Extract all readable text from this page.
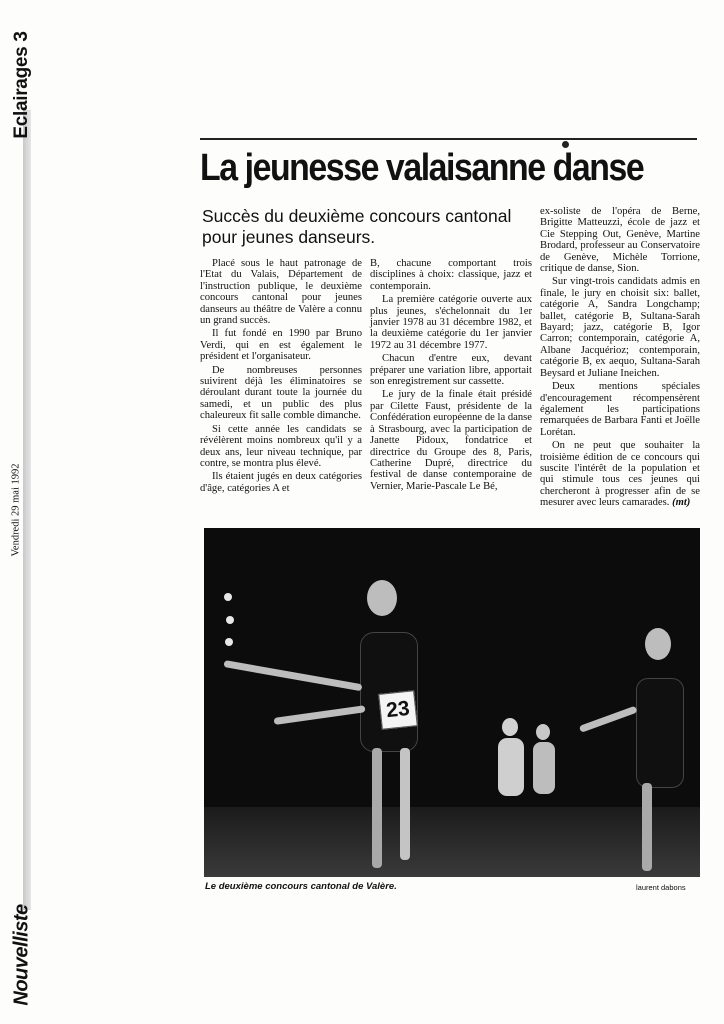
Eclairages 3
Vendredi 29 mai 1992
Nouvelliste
La jeunesse valaisanne danse

Succès du deuxième concours cantonal pour jeunes danseurs.

Placé sous le haut patronage de l'Etat du Valais, Département de l'instruction publique, le deuxième concours cantonal pour jeunes danseurs au théâtre de Valère a connu un grand succès.

Il fut fondé en 1990 par Bruno Verdi, qui en est également le président et l'organisateur.

De nombreuses personnes suivirent déjà les éliminatoires se déroulant durant toute la journée du samedi, et un public des plus chaleureux fit salle comble dimanche.

Si cette année les candidats se révélèrent moins nombreux qu'il y a deux ans, leur niveau technique, par contre, se montra plus élevé.

Ils étaient jugés en deux catégories d'âge, catégories A et

B, chacune comportant trois disciplines à choix: classique, jazz et contemporain.

La première catégorie ouverte aux plus jeunes, s'échelonnait du 1er janvier 1978 au 31 décembre 1982, et la deuxième catégorie du 1er janvier 1972 au 31 décembre 1977.

Chacun d'entre eux, devant préparer une variation libre, apportait son enregistrement sur cassette.

Le jury de la finale était présidé par Cilette Faust, présidente de la Confédération européenne de la danse à Strasbourg, avec la participation de Janette Pidoux, fondatrice et directrice du Groupe des 8, Paris, Catherine Dupré, directrice du festival de danse contemporaine de Vernier, Marie-Pascale Le Bé,

ex-soliste de l'opéra de Berne, Brigitte Matteuzzi, école de jazz et Cie Stepping Out, Genève, Martine Brodard, professeur au Conservatoire de Genève, Michèle Torrione, critique de danse, Sion.

Sur vingt-trois candidats admis en finale, le jury en choisit six: ballet, catégorie A, Sandra Longchamp; ballet, catégorie B, Sultana-Sarah Bayard; jazz, catégorie B, Igor Carron; contemporain, catégorie A, Albane Jacquérioz; contemporain, catégorie B, ex aequo, Sultana-Sarah Beysard et Juliane Ineichen.

Deux mentions spéciales d'encouragement récompensèrent également les participations remarquées de Barbara Fanti et Joëlle Lorétan.

On ne peut que souhaiter la troisième édition de ce concours qui suscite l'intérêt de la population et qui stimule tous ces jeunes qui chercheront à progresser afin de se mesurer avec leurs camarades. (mt)

23

Le deuxième concours cantonal de Valère.	laurent dabons
